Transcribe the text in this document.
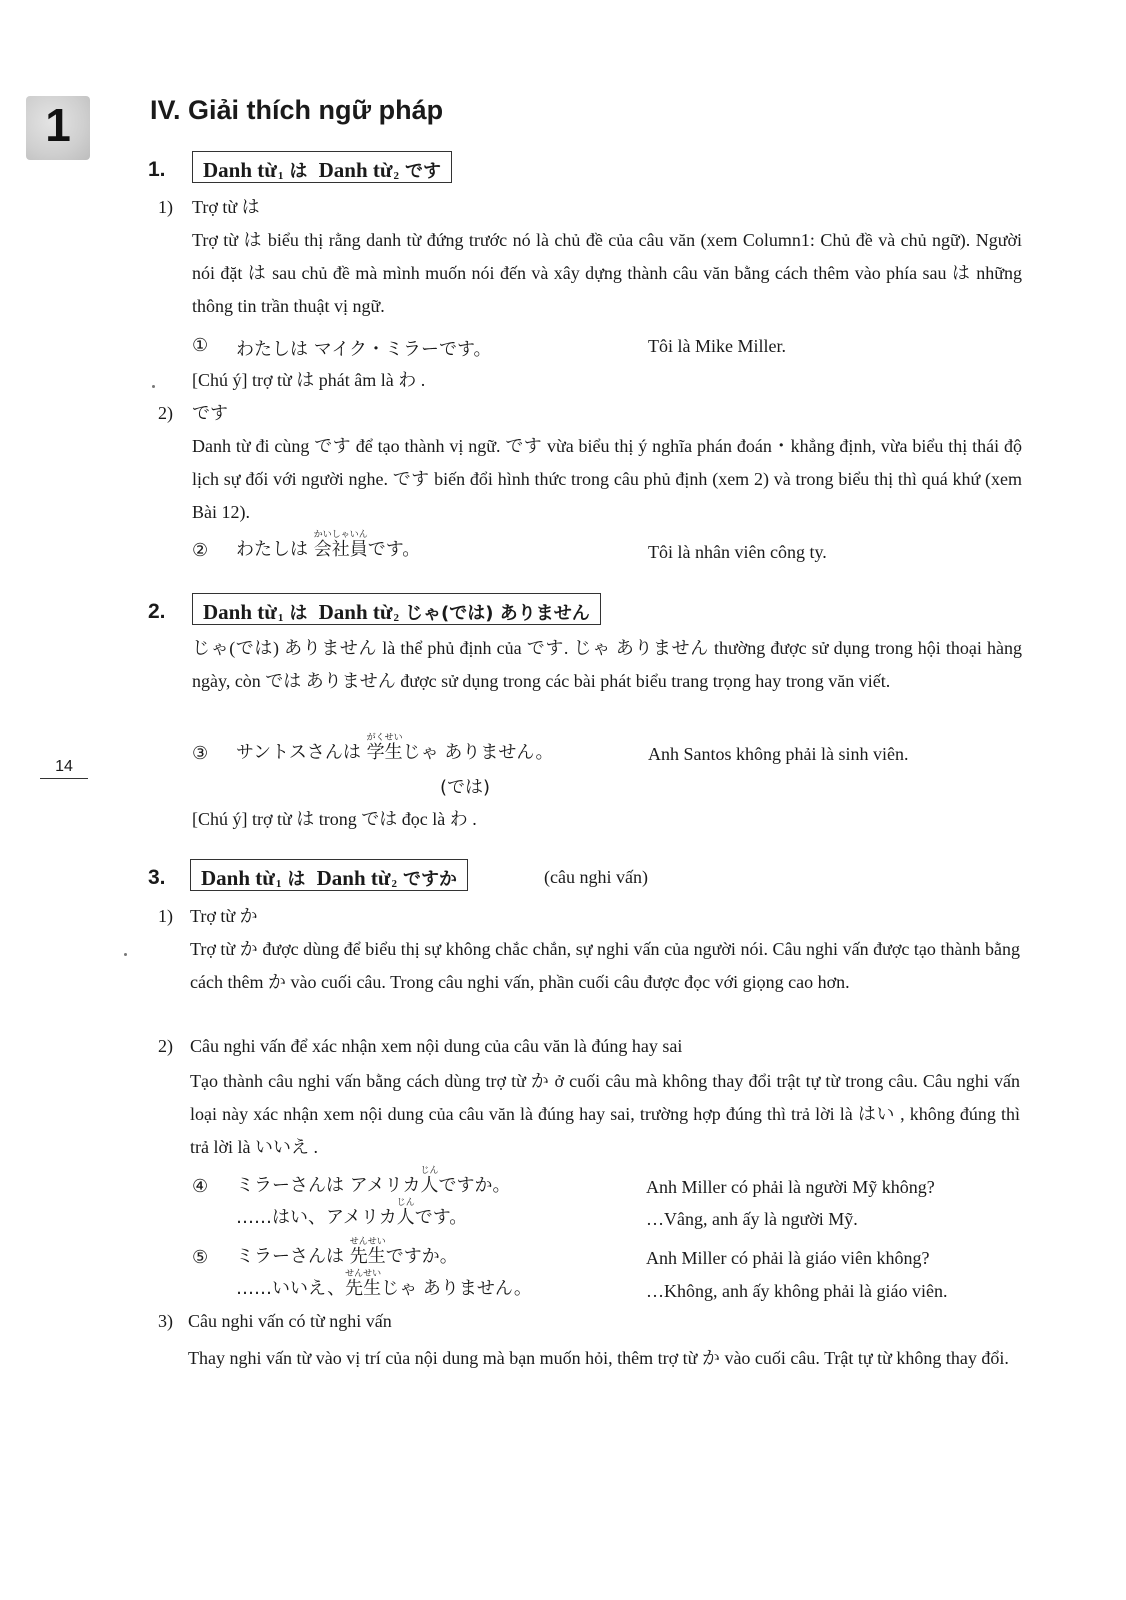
1	IV. Giải thích ngữ pháp
1.	Danh từ1 は Danh từ2 です
1) Trợ từ は
Trợ từ は biểu thị rằng danh từ đứng trước nó là chủ đề của câu văn (xem Column1: Chủ đề và chủ ngữ). Người nói đặt は sau chủ đề mà mình muốn nói đến và xây dựng thành câu văn bằng cách thêm vào phía sau は những thông tin trần thuật vị ngữ.
① わたしは マイク・ミラーです。	Tôi là Mike Miller.
[Chú ý] trợ từ は phát âm là わ .
2) です
Danh từ đi cùng です để tạo thành vị ngữ. です vừa biểu thị ý nghĩa phán đoán・khẳng định, vừa biểu thị thái độ lịch sự đối với người nghe. です biến đổi hình thức trong câu phủ định (xem 2) và trong biểu thị thì quá khứ (xem Bài 12).
② わたしは 会社員かいしゃいんです。	Tôi là nhân viên công ty.
2.	Danh từ1 は Danh từ2 じゃ(では) ありません
じゃ(では) ありません là thể phủ định của です. じゃ ありません thường được sử dụng trong hội thoại hàng ngày, còn では ありません được sử dụng trong các bài phát biểu trang trọng hay trong văn viết.
③ サントスさんは 学生がくせいじゃ ありません。	Anh Santos không phải là sinh viên.
(では)
[Chú ý] trợ từ は trong では đọc là わ .
14
3.	Danh từ1 は Danh từ2 ですか	(câu nghi vấn)
1) Trợ từ か
Trợ từ か được dùng để biểu thị sự không chắc chắn, sự nghi vấn của người nói. Câu nghi vấn được tạo thành bằng cách thêm か vào cuối câu. Trong câu nghi vấn, phần cuối câu được đọc với giọng cao hơn.
2) Câu nghi vấn để xác nhận xem nội dung của câu văn là đúng hay sai
Tạo thành câu nghi vấn bằng cách dùng trợ từ か ở cuối câu mà không thay đổi trật tự từ trong câu. Câu nghi vấn loại này xác nhận xem nội dung của câu văn là đúng hay sai, trường hợp đúng thì trả lời là はい , không đúng thì trả lời là いいえ .
④ ミラーさんは アメリカ人じんですか。	Anh Miller có phải là người Mỹ không?
……はい、アメリカ人じんです。	…Vâng, anh ấy là người Mỹ.
⑤ ミラーさんは 先生せんせいですか。	Anh Miller có phải là giáo viên không?
……いいえ、先生せんせいじゃ ありません。	…Không, anh ấy không phải là giáo viên.
3) Câu nghi vấn có từ nghi vấn
Thay nghi vấn từ vào vị trí của nội dung mà bạn muốn hỏi, thêm trợ từ か vào cuối câu. Trật tự từ không thay đổi.
